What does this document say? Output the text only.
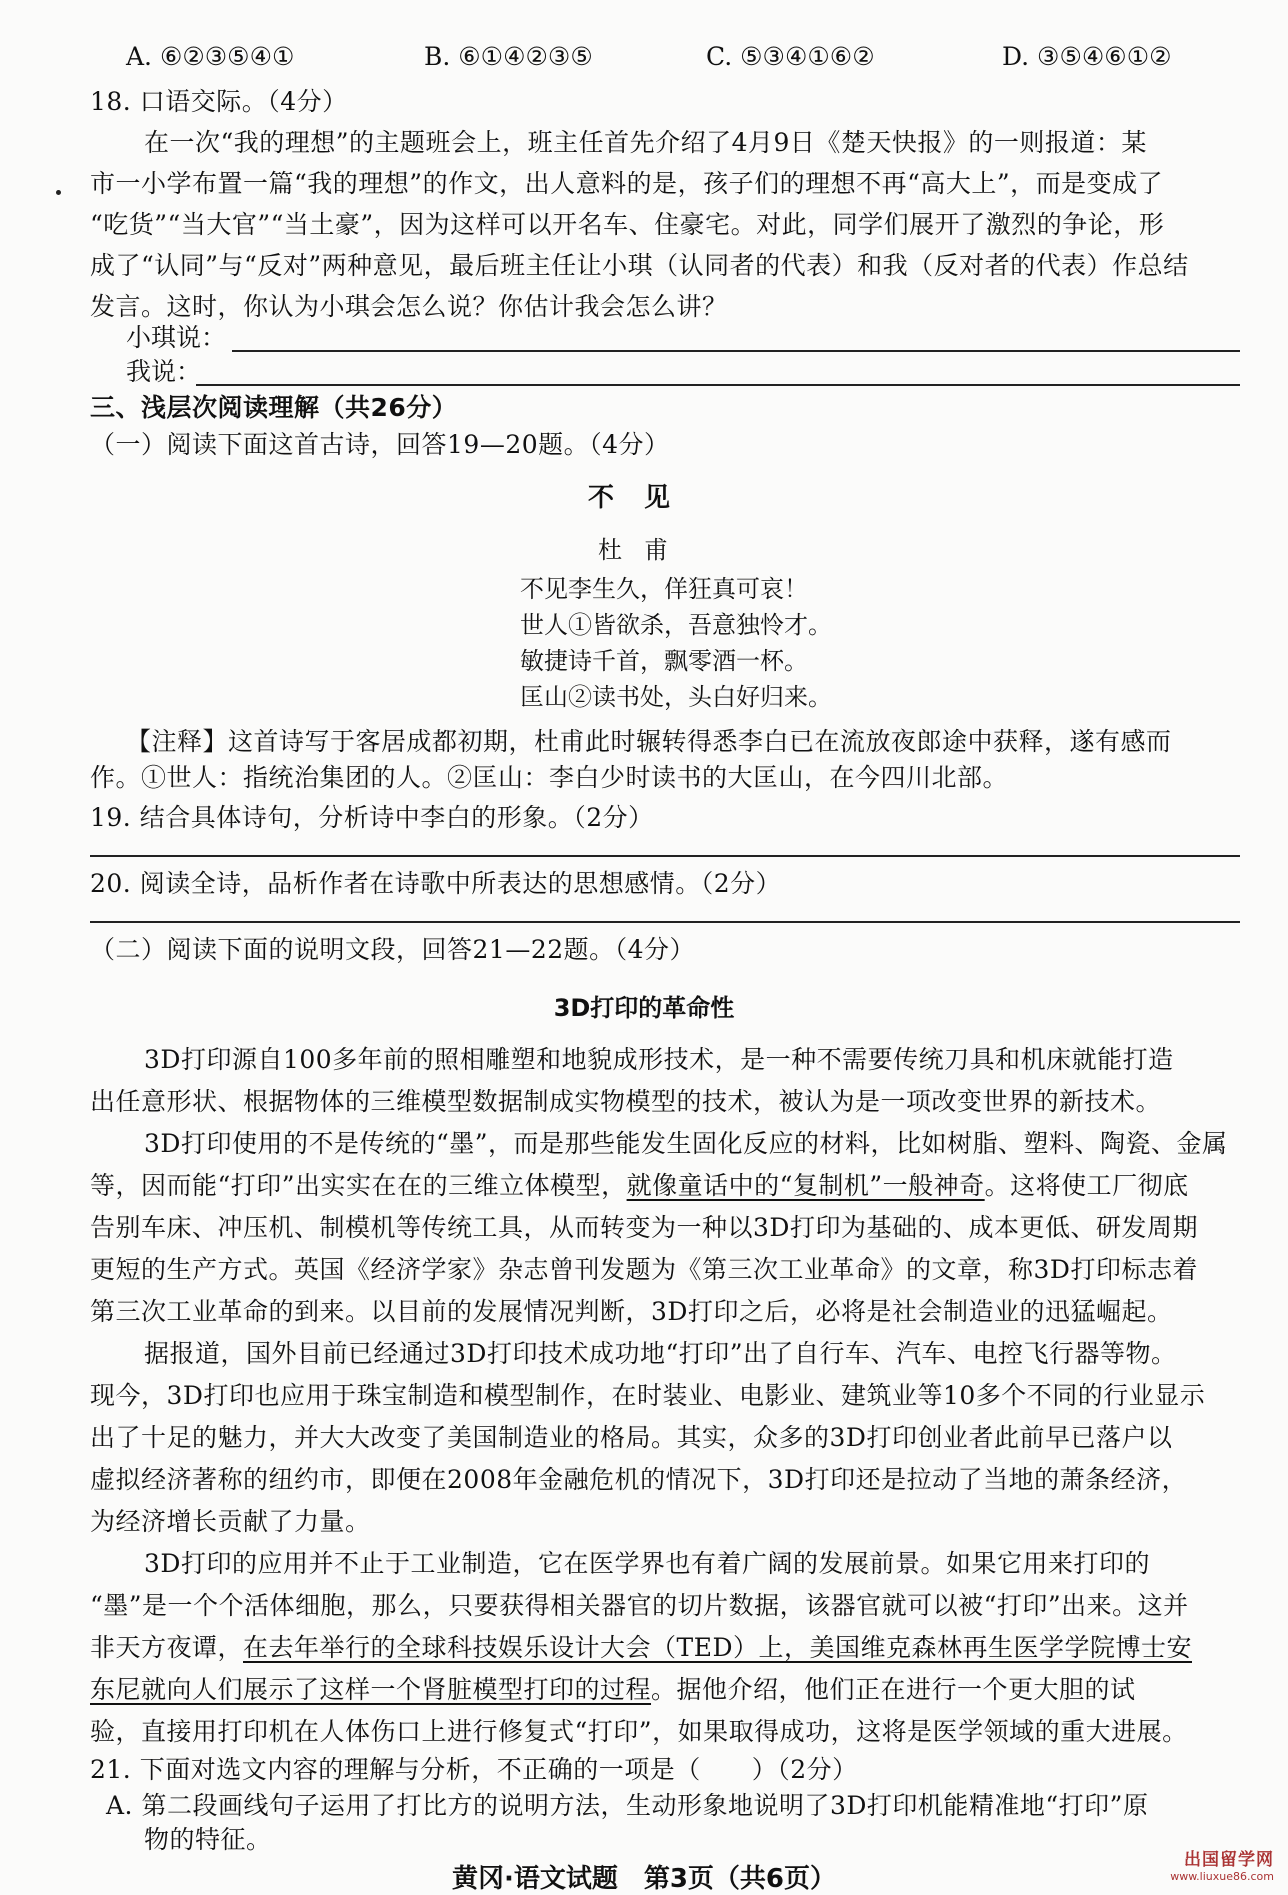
A. ⑥②③⑤④①	B. ⑥①④②③⑤	C. ⑤③④①⑥②	D. ③⑤④⑥①②
18. 口语交际。（4分）
在一次“我的理想”的主题班会上，班主任首先介绍了4月9日《楚天快报》的一则报道：某
市一小学布置一篇“我的理想”的作文，出人意料的是，孩子们的理想不再“高大上”，而是变成了
“吃货”“当大官”“当土豪”，因为这样可以开名车、住豪宅。对此，同学们展开了激烈的争论，形
成了“认同”与“反对”两种意见，最后班主任让小琪（认同者的代表）和我（反对者的代表）作总结
发言。这时，你认为小琪会怎么说？你估计我会怎么讲？
小琪说：
我说：
三、浅层次阅读理解（共26分）
（一）阅读下面这首古诗，回答19—20题。（4分）
不见
杜甫
不见李生久，佯狂真可哀！
世人①皆欲杀，吾意独怜才。
敏捷诗千首，飘零酒一杯。
匡山②读书处，头白好归来。
【注释】这首诗写于客居成都初期，杜甫此时辗转得悉李白已在流放夜郎途中获释，遂有感而
作。①世人：指统治集团的人。②匡山：李白少时读书的大匡山，在今四川北部。
19. 结合具体诗句，分析诗中李白的形象。（2分）
20. 阅读全诗，品析作者在诗歌中所表达的思想感情。（2分）
（二）阅读下面的说明文段，回答21—22题。（4分）
3D打印的革命性
3D打印源自100多年前的照相雕塑和地貌成形技术，是一种不需要传统刀具和机床就能打造
出任意形状、根据物体的三维模型数据制成实物模型的技术，被认为是一项改变世界的新技术。
3D打印使用的不是传统的“墨”，而是那些能发生固化反应的材料，比如树脂、塑料、陶瓷、金属
等，因而能“打印”出实实在在的三维立体模型，就像童话中的“复制机”一般神奇。这将使工厂彻底
告别车床、冲压机、制模机等传统工具，从而转变为一种以3D打印为基础的、成本更低、研发周期
更短的生产方式。英国《经济学家》杂志曾刊发题为《第三次工业革命》的文章，称3D打印标志着
第三次工业革命的到来。以目前的发展情况判断，3D打印之后，必将是社会制造业的迅猛崛起。
据报道，国外目前已经通过3D打印技术成功地“打印”出了自行车、汽车、电控飞行器等物。
现今，3D打印也应用于珠宝制造和模型制作，在时装业、电影业、建筑业等10多个不同的行业显示
出了十足的魅力，并大大改变了美国制造业的格局。其实，众多的3D打印创业者此前早已落户以
虚拟经济著称的纽约市，即便在2008年金融危机的情况下，3D打印还是拉动了当地的萧条经济，
为经济增长贡献了力量。
3D打印的应用并不止于工业制造，它在医学界也有着广阔的发展前景。如果它用来打印的
“墨”是一个个活体细胞，那么，只要获得相关器官的切片数据，该器官就可以被“打印”出来。这并
非天方夜谭，在去年举行的全球科技娱乐设计大会（TED）上，美国维克森林再生医学学院博士安
东尼就向人们展示了这样一个肾脏模型打印的过程。据他介绍，他们正在进行一个更大胆的试
验，直接用打印机在人体伤口上进行修复式“打印”，如果取得成功，这将是医学领域的重大进展。
21. 下面对选文内容的理解与分析，不正确的一项是（　　）（2分）
A. 第二段画线句子运用了打比方的说明方法，生动形象地说明了3D打印机能精准地“打印”原
物的特征。
黄冈·语文试题　第3页（共6页）
出国留学网
www.liuxue86.com
